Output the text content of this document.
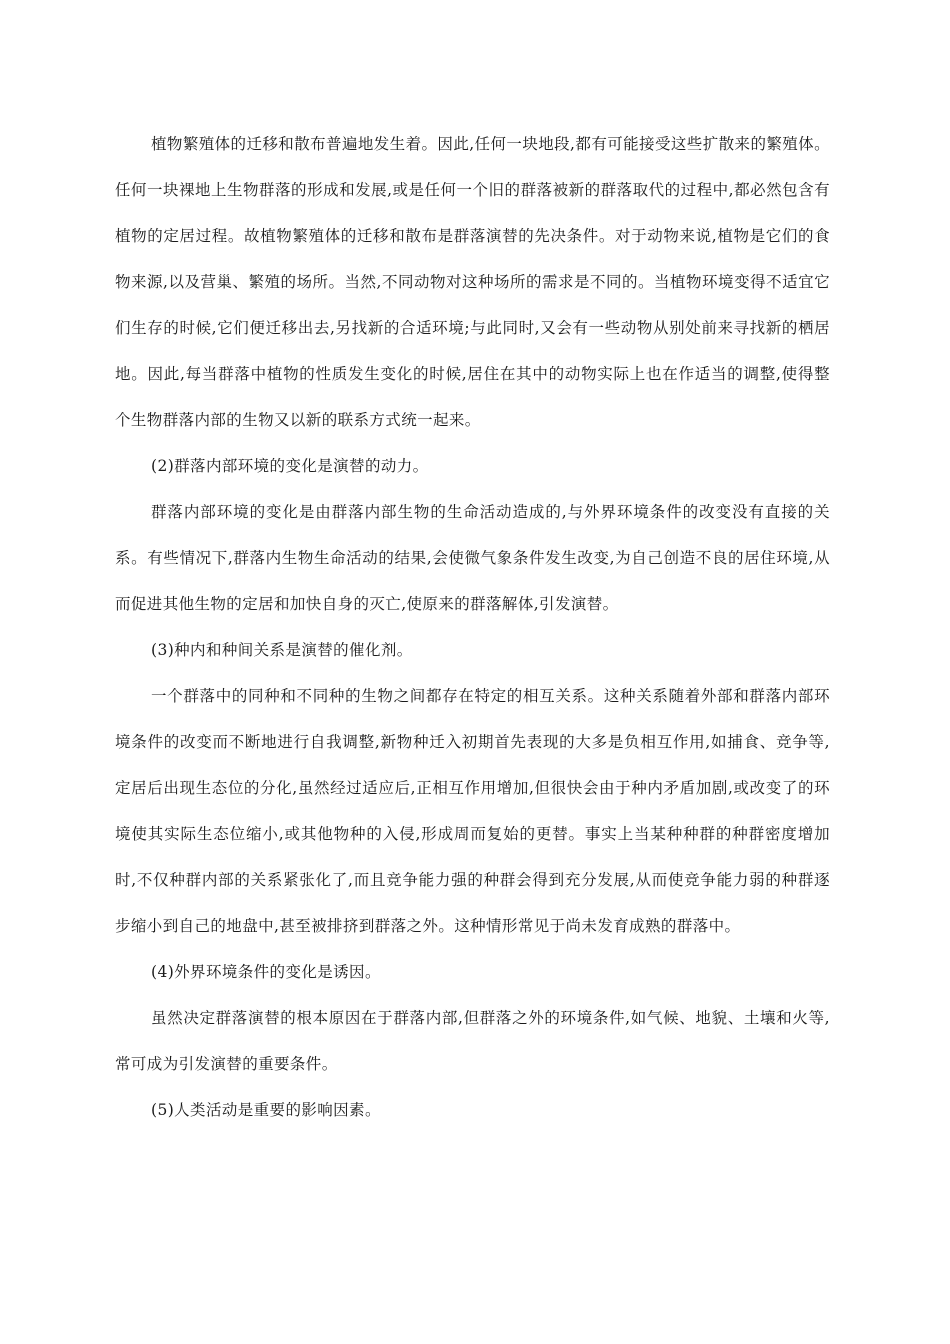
植物繁殖体的迁移和散布普遍地发生着。因此,任何一块地段,都有可能接受这些扩散来的繁殖体。任何一块裸地上生物群落的形成和发展,或是任何一个旧的群落被新的群落取代的过程中,都必然包含有植物的定居过程。故植物繁殖体的迁移和散布是群落演替的先决条件。对于动物来说,植物是它们的食物来源,以及营巢、繁殖的场所。当然,不同动物对这种场所的需求是不同的。当植物环境变得不适宜它们生存的时候,它们便迁移出去,另找新的合适环境;与此同时,又会有一些动物从别处前来寻找新的栖居地。因此,每当群落中植物的性质发生变化的时候,居住在其中的动物实际上也在作适当的调整,使得整个生物群落内部的生物又以新的联系方式统一起来。

(2)群落内部环境的变化是演替的动力。

群落内部环境的变化是由群落内部生物的生命活动造成的,与外界环境条件的改变没有直接的关系。有些情况下,群落内生物生命活动的结果,会使微气象条件发生改变,为自己创造不良的居住环境,从而促进其他生物的定居和加快自身的灭亡,使原来的群落解体,引发演替。

(3)种内和种间关系是演替的催化剂。

一个群落中的同种和不同种的生物之间都存在特定的相互关系。这种关系随着外部和群落内部环境条件的改变而不断地进行自我调整,新物种迁入初期首先表现的大多是负相互作用,如捕食、竞争等,定居后出现生态位的分化,虽然经过适应后,正相互作用增加,但很快会由于种内矛盾加剧,或改变了的环境使其实际生态位缩小,或其他物种的入侵,形成周而复始的更替。事实上当某种种群的种群密度增加时,不仅种群内部的关系紧张化了,而且竞争能力强的种群会得到充分发展,从而使竞争能力弱的种群逐步缩小到自己的地盘中,甚至被排挤到群落之外。这种情形常见于尚未发育成熟的群落中。

(4)外界环境条件的变化是诱因。

虽然决定群落演替的根本原因在于群落内部,但群落之外的环境条件,如气候、地貌、土壤和火等,常可成为引发演替的重要条件。

(5)人类活动是重要的影响因素。
